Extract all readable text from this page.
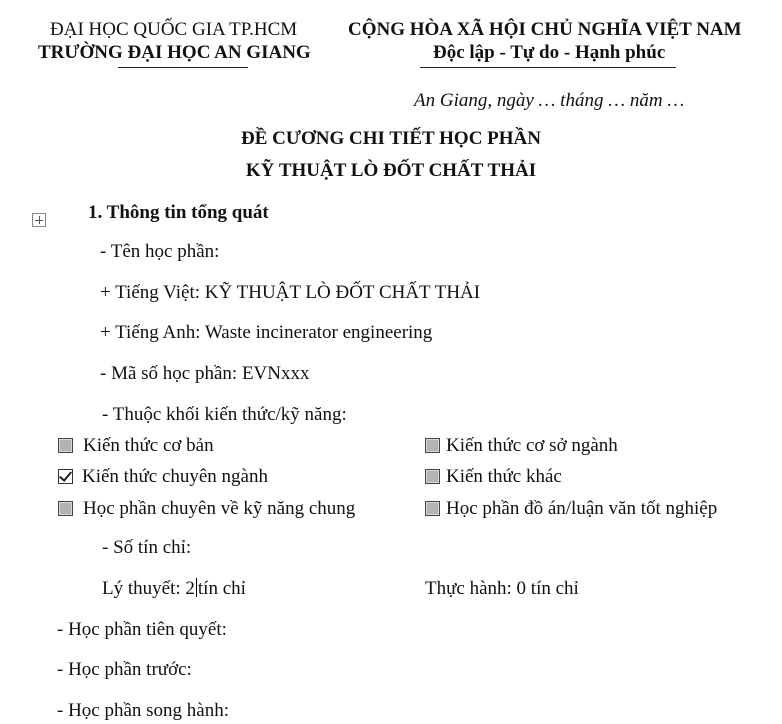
ĐẠI HỌC QUỐC GIA TP.HCM
TRƯỜNG ĐẠI HỌC AN GIANG
CỘNG HÒA XÃ HỘI CHỦ NGHĨA VIỆT NAM
Độc lập - Tự do - Hạnh phúc
An Giang, ngày … tháng … năm …
ĐỀ CƯƠNG CHI TIẾT HỌC PHẦN
KỸ THUẬT LÒ ĐỐT CHẤT THẢI
1. Thông tin tổng quát
- Tên học phần:
+ Tiếng Việt: KỸ THUẬT LÒ ĐỐT CHẤT THẢI
+ Tiếng Anh: Waste incinerator engineering
- Mã số học phần: EVNxxx
- Thuộc khối kiến thức/kỹ năng:
Kiến thức cơ bản	Kiến thức cơ sở ngành
Kiến thức chuyên ngành	Kiến thức khác
Học phần chuyên về kỹ năng chung	Học phần đồ án/luận văn tốt nghiệp
- Số tín chỉ:
Lý thuyết: 2 tín chỉ	Thực hành: 0 tín chỉ
- Học phần tiên quyết:
- Học phần trước:
- Học phần song hành:
